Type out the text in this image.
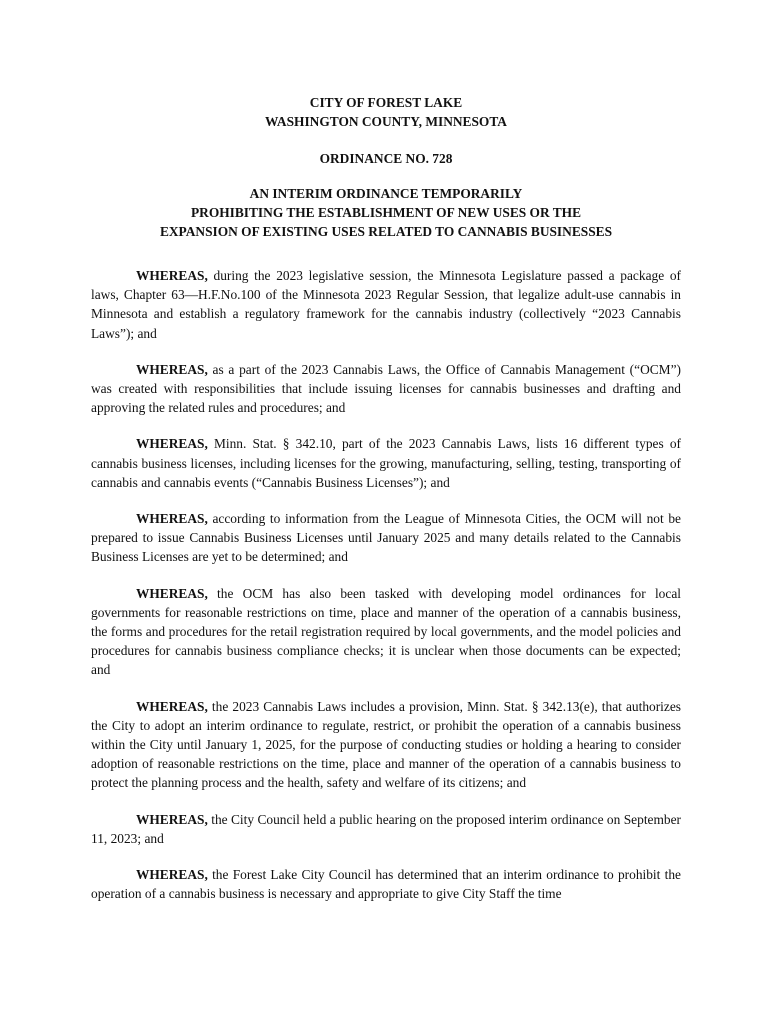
CITY OF FOREST LAKE
WASHINGTON COUNTY, MINNESOTA
ORDINANCE NO. 728
AN INTERIM ORDINANCE TEMPORARILY
PROHIBITING THE ESTABLISHMENT OF NEW USES OR THE
EXPANSION OF EXISTING USES RELATED TO CANNABIS BUSINESSES

WHEREAS, during the 2023 legislative session, the Minnesota Legislature passed a package of laws, Chapter 63—H.F.No.100 of the Minnesota 2023 Regular Session, that legalize adult-use cannabis in Minnesota and establish a regulatory framework for the cannabis industry (collectively “2023 Cannabis Laws”); and

WHEREAS, as a part of the 2023 Cannabis Laws, the Office of Cannabis Management (“OCM”) was created with responsibilities that include issuing licenses for cannabis businesses and drafting and approving the related rules and procedures; and

WHEREAS, Minn. Stat. § 342.10, part of the 2023 Cannabis Laws, lists 16 different types of cannabis business licenses, including licenses for the growing, manufacturing, selling, testing, transporting of cannabis and cannabis events (“Cannabis Business Licenses”); and

WHEREAS, according to information from the League of Minnesota Cities, the OCM will not be prepared to issue Cannabis Business Licenses until January 2025 and many details related to the Cannabis Business Licenses are yet to be determined; and

WHEREAS, the OCM has also been tasked with developing model ordinances for local governments for reasonable restrictions on time, place and manner of the operation of a cannabis business, the forms and procedures for the retail registration required by local governments, and the model policies and procedures for cannabis business compliance checks; it is unclear when those documents can be expected; and

WHEREAS, the 2023 Cannabis Laws includes a provision, Minn. Stat. § 342.13(e), that authorizes the City to adopt an interim ordinance to regulate, restrict, or prohibit the operation of a cannabis business within the City until January 1, 2025, for the purpose of conducting studies or holding a hearing to consider adoption of reasonable restrictions on the time, place and manner of the operation of a cannabis business to protect the planning process and the health, safety and welfare of its citizens; and

WHEREAS, the City Council held a public hearing on the proposed interim ordinance on September 11, 2023; and

WHEREAS, the Forest Lake City Council has determined that an interim ordinance to prohibit the operation of a cannabis business is necessary and appropriate to give City Staff the time
